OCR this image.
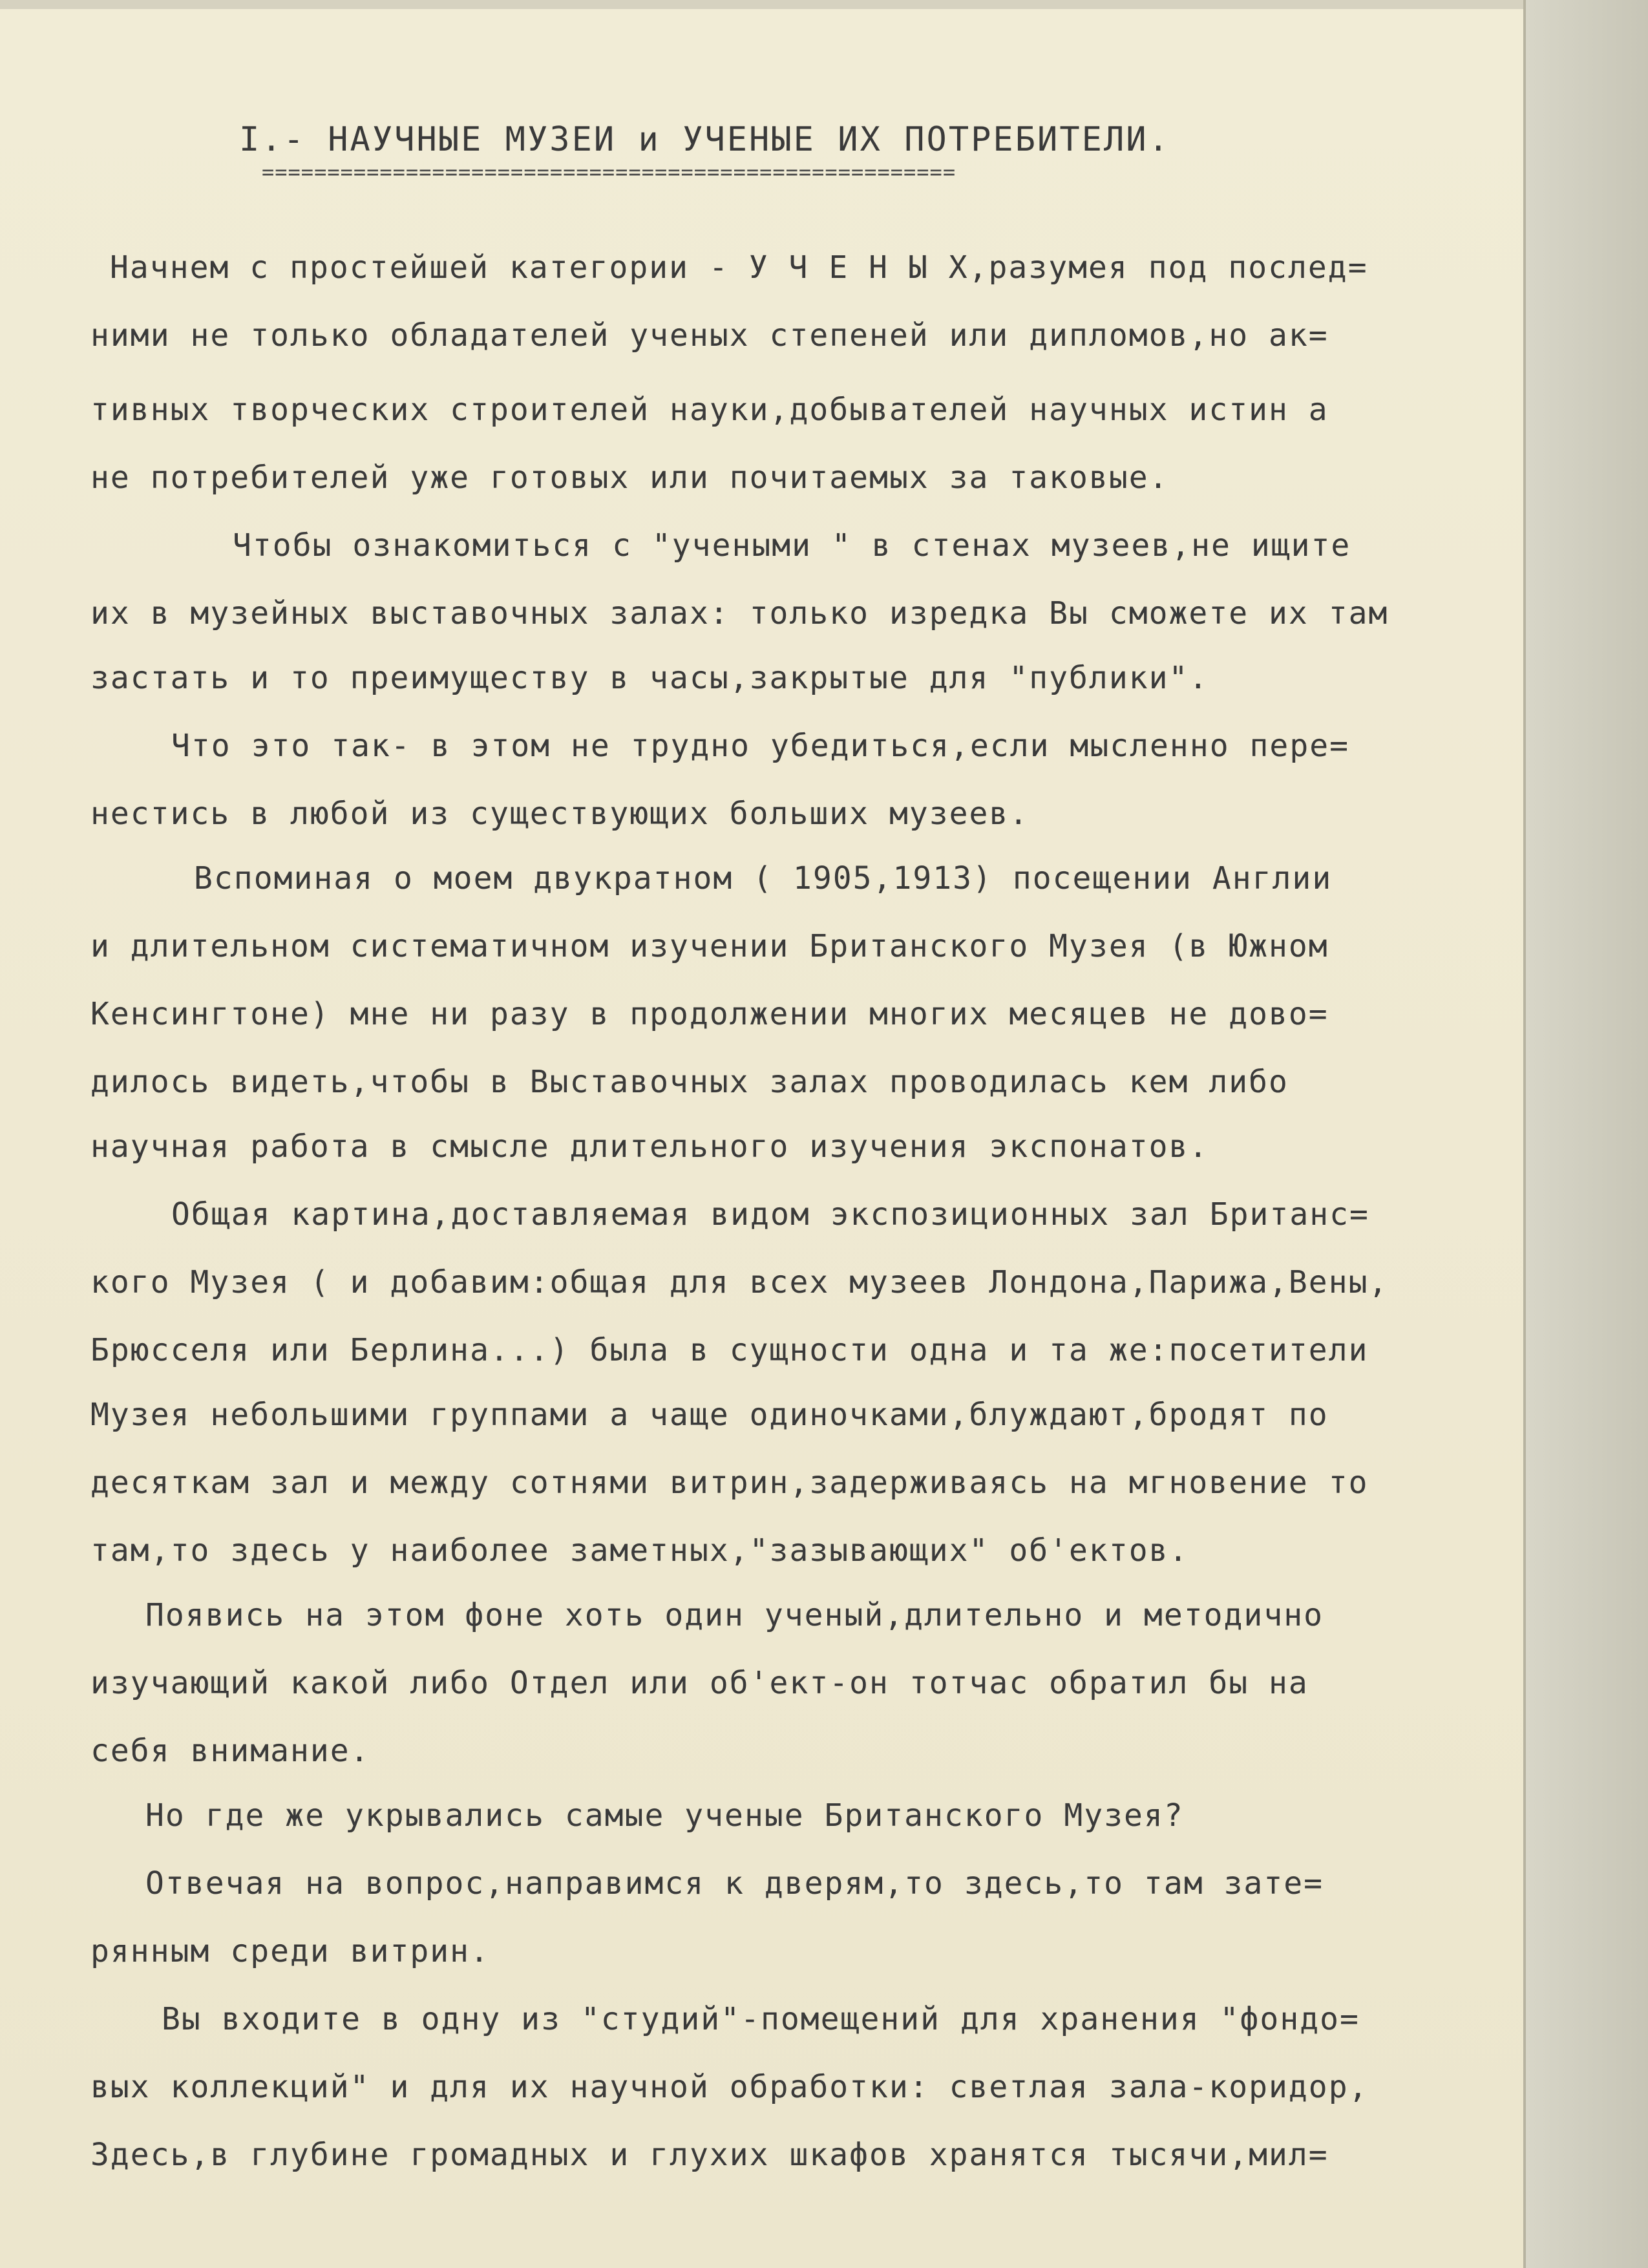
I.- НАУЧНЫЕ МУЗЕИ и УЧЕНЫЕ ИХ ПОТРЕБИТЕЛИ.
=====================================================
Начнем с простейшей категории - У Ч Е Н Ы Х,разумея под послед=
ними не только обладателей ученых степеней или дипломов,но ак=
тивных творческих строителей науки,добывателей научных истин а
не потребителей уже готовых или почитаемых за таковые.
Чтобы ознакомиться с "учеными " в стенах музеев,не ищите
их в музейных выставочных залах: только изредка Вы сможете их там
застать и то преимуществу в часы,закрытые для "публики".
Что это так- в этом не трудно убедиться,если мысленно пере=
нестись в любой из существующих больших музеев.
Вспоминая о моем двукратном ( 1905,1913) посещении Англии
и длительном систематичном изучении Британского Музея (в Южном
Кенсингтоне) мне ни разу в продолжении многих месяцев не дово=
дилось видеть,чтобы в Выставочных залах проводилась кем либо
научная работа в смысле длительного изучения экспонатов.
Общая картина,доставляемая видом экспозиционных зал Британс=
кого Музея ( и добавим:общая для всех музеев Лондона,Парижа,Вены,
Брюсселя или Берлина...) была в сущности одна и та же:посетители
Музея небольшими группами а чаще одиночками,блуждают,бродят по
десяткам зал и между сотнями витрин,задерживаясь на мгновение то
там,то здесь у наиболее заметных,"зазывающих" об'ектов.
Появись на этом фоне хоть один ученый,длительно и методично
изучающий какой либо Отдел или об'ект-он тотчас обратил бы на
себя внимание.
Но где же укрывались самые ученые Британского Музея?
Отвечая на вопрос,направимся к дверям,то здесь,то там зате=
рянным среди витрин.
Вы входите в одну из "студий"-помещений для хранения "фондо=
вых коллекций" и для их научной обработки: светлая зала-коридор,
Здесь,в глубине громадных и глухих шкафов хранятся тысячи,мил=
